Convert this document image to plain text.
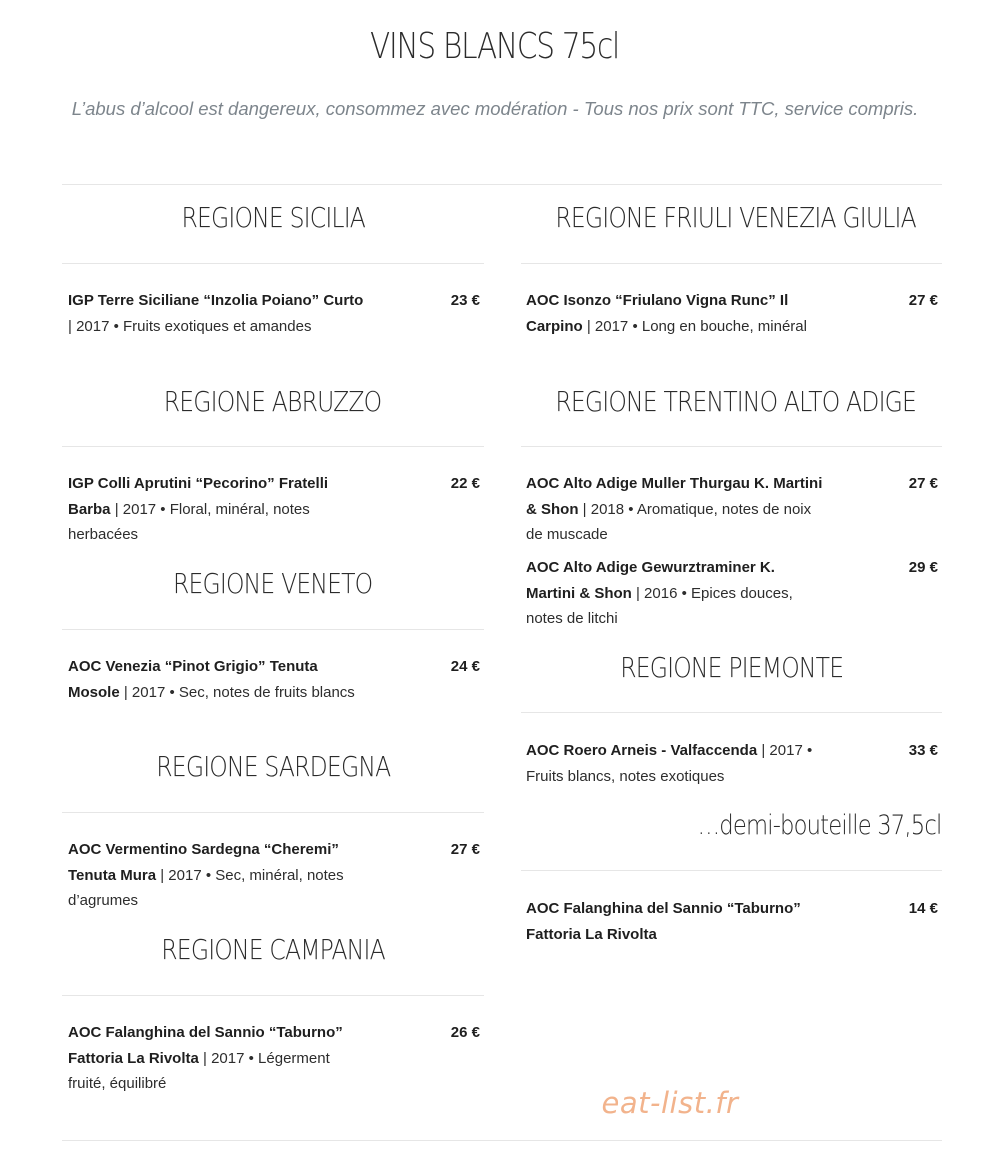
VINS BLANCS 75cl
L’abus d’alcool est dangereux, consommez avec modération - Tous nos prix sont TTC, service compris.
REGIONE SICILIA
IGP Terre Siciliane “Inzolia Poiano” Curto | 2017 • Fruits exotiques et amandes
23 €
REGIONE ABRUZZO
IGP Colli Aprutini “Pecorino” Fratelli Barba | 2017 • Floral, minéral, notes herbacées
22 €
REGIONE VENETO
AOC Venezia “Pinot Grigio” Tenuta Mosole | 2017 • Sec, notes de fruits blancs
24 €
REGIONE SARDEGNA
AOC Vermentino Sardegna “Cheremi” Tenuta Mura | 2017 • Sec, minéral, notes d’agrumes
27 €
REGIONE CAMPANIA
AOC Falanghina del Sannio “Taburno” Fattoria La Rivolta | 2017 • Légerment fruité, équilibré
26 €
REGIONE FRIULI VENEZIA GIULIA
AOC Isonzo “Friulano Vigna Runc” Il Carpino | 2017 • Long en bouche, minéral
27 €
REGIONE TRENTINO ALTO ADIGE
AOC Alto Adige Muller Thurgau K. Martini & Shon | 2018 • Aromatique, notes de noix de muscade
27 €
AOC Alto Adige Gewurztraminer K. Martini & Shon | 2016 • Epices douces, notes de litchi
29 €
REGIONE PIEMONTE
AOC Roero Arneis - Valfaccenda | 2017 • Fruits blancs, notes exotiques
33 €
…demi-bouteille 37,5cl
AOC Falanghina del Sannio “Taburno” Fattoria La Rivolta
14 €
eat-list.fr
